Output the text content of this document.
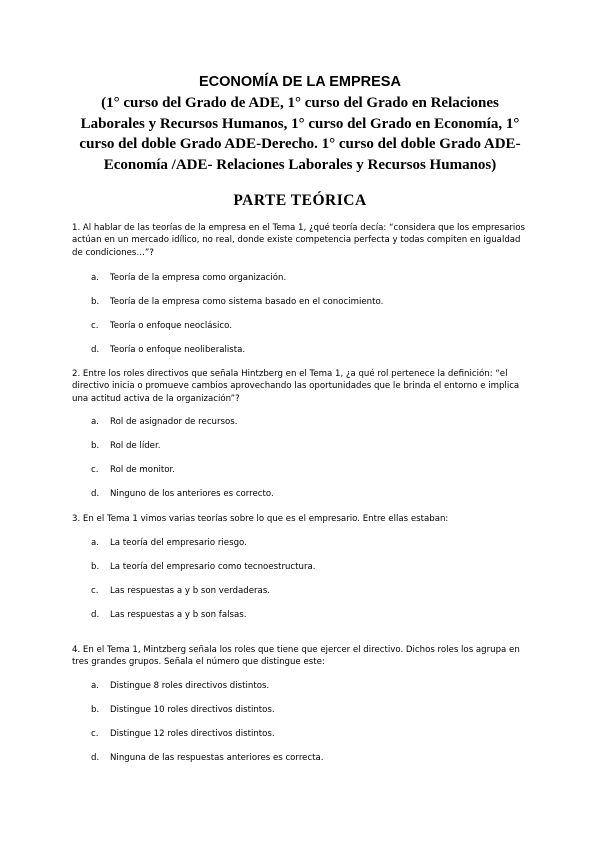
ECONOMÍA DE LA EMPRESA

(1° curso del Grado de ADE, 1° curso del Grado en Relaciones Laborales y Recursos Humanos, 1° curso del Grado en Economía, 1° curso del doble Grado ADE-Derecho. 1° curso del doble Grado ADE-Economía /ADE- Relaciones Laborales y Recursos Humanos)

PARTE TEÓRICA

1. Al hablar de las teorías de la empresa en el Tema 1, ¿qué teoría decía: “considera que los empresarios actúan en un mercado idílico, no real, donde existe competencia perfecta y todas compiten en igualdad de condiciones…”?

a. Teoría de la empresa como organización.

b. Teoría de la empresa como sistema basado en el conocimiento.

c. Teoría o enfoque neoclásico.

d. Teoría o enfoque neoliberalista.

2. Entre los roles directivos que señala Hintzberg en el Tema 1, ¿a qué rol pertenece la definición: “el directivo inicia o promueve cambios aprovechando las oportunidades que le brinda el entorno e implica una actitud activa de la organización”?

a. Rol de asignador de recursos.

b. Rol de líder.

c. Rol de monitor.

d. Ninguno de los anteriores es correcto.

3. En el Tema 1 vimos varias teorías sobre lo que es el empresario. Entre ellas estaban:

a. La teoría del empresario riesgo.

b. La teoría del empresario como tecnoestructura.

c. Las respuestas a y b son verdaderas.

d. Las respuestas a y b son falsas.

4. En el Tema 1, Mintzberg señala los roles que tiene que ejercer el directivo. Dichos roles los agrupa en tres grandes grupos. Señala el número que distingue este:

a. Distingue 8 roles directivos distintos.

b. Distingue 10 roles directivos distintos.

c. Distingue 12 roles directivos distintos.

d. Ninguna de las respuestas anteriores es correcta.
